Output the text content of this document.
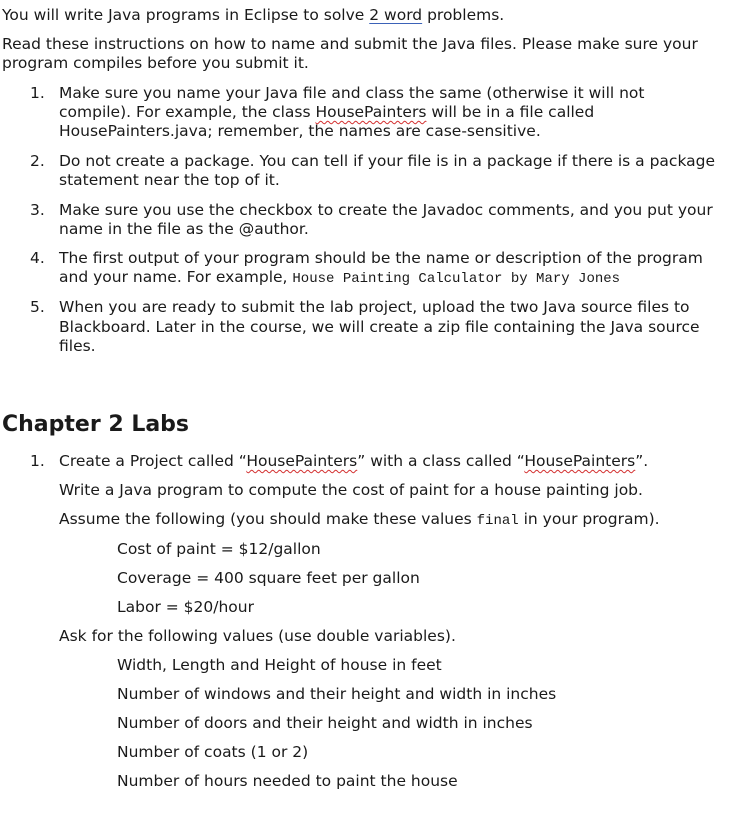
You will write Java programs in Eclipse to solve 2 word problems.
Read these instructions on how to name and submit the Java files. Please make sure your
program compiles before you submit it.
1. Make sure you name your Java file and class the same (otherwise it will not
compile). For example, the class HousePainters will be in a file called
HousePainters.java; remember, the names are case-sensitive.
2. Do not create a package. You can tell if your file is in a package if there is a package
statement near the top of it.
3. Make sure you use the checkbox to create the Javadoc comments, and you put your
name in the file as the @author.
4. The first output of your program should be the name or description of the program
and your name. For example, House Painting Calculator by Mary Jones
5. When you are ready to submit the lab project, upload the two Java source files to
Blackboard. Later in the course, we will create a zip file containing the Java source
files.
Chapter 2 Labs
1. Create a Project called “HousePainters” with a class called “HousePainters”.
Write a Java program to compute the cost of paint for a house painting job.
Assume the following (you should make these values final in your program).
Cost of paint = $12/gallon
Coverage = 400 square feet per gallon
Labor = $20/hour
Ask for the following values (use double variables).
Width, Length and Height of house in feet
Number of windows and their height and width in inches
Number of doors and their height and width in inches
Number of coats (1 or 2)
Number of hours needed to paint the house
